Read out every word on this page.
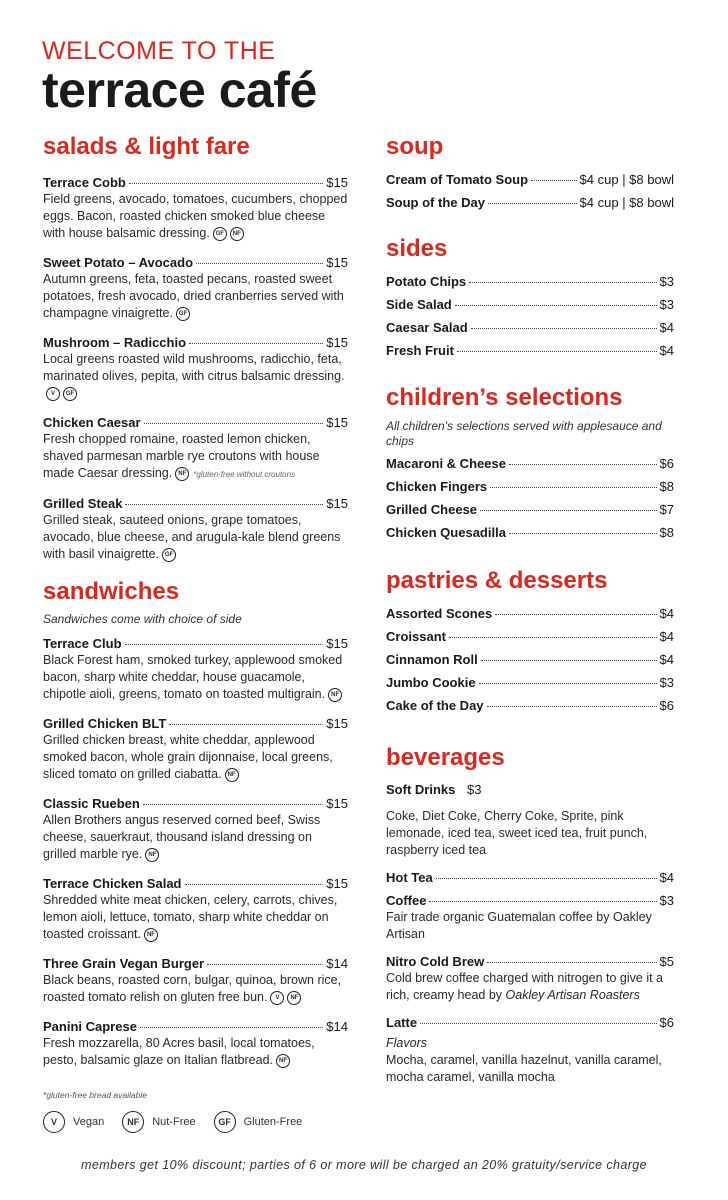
WELCOME TO THE
terrace café
salads & light fare
Terrace Cobb	$15
Field greens, avocado, tomatoes, cucumbers, chopped eggs. Bacon, roasted chicken smoked blue cheese with house balsamic dressing. GF NF
Sweet Potato – Avocado	$15
Autumn greens, feta, toasted pecans, roasted sweet potatoes, fresh avocado, dried cranberries served with champagne vinaigrette. GF
Mushroom – Radicchio	$15
Local greens roasted wild mushrooms, radicchio, feta, marinated olives, pepita, with citrus balsamic dressing.V GF
Chicken Caesar	$15
Fresh chopped romaine, roasted lemon chicken, shaved parmesan marble rye croutons with house made Caesar dressing. NF *gluten-free without croutons
Grilled Steak	$15
Grilled steak, sauteed onions, grape tomatoes, avocado, blue cheese, and arugula-kale blend greens with basil vinaigrette. GF
sandwiches
Sandwiches come with choice of side
Terrace Club	$15
Black Forest ham, smoked turkey, applewood smoked bacon, sharp white cheddar, house guacamole, chipotle aioli, greens, tomato on toasted multigrain. NF
Grilled Chicken BLT	$15
Grilled chicken breast, white cheddar, applewood smoked bacon, whole grain dijonnaise, local greens, sliced tomato on grilled ciabatta. NF
Classic Rueben	$15
Allen Brothers angus reserved corned beef, Swiss cheese, sauerkraut, thousand island dressing on grilled marble rye. NF
Terrace Chicken Salad	$15
Shredded white meat chicken, celery, carrots, chives, lemon aioli, lettuce, tomato, sharp white cheddar on toasted croissant. NF
Three Grain Vegan Burger	$14
Black beans, roasted corn, bulgar, quinoa, brown rice, roasted tomato relish on gluten free bun. V NF
Panini Caprese	$14
Fresh mozzarella, 80 Acres basil, local tomatoes, pesto, balsamic glaze on Italian flatbread. NF
*gluten-free bread available
V	Vegan	NF	Nut-Free	GF	Gluten-Free
soup
Cream of Tomato Soup	$4 cup | $8 bowl
Soup of the Day	$4 cup | $8 bowl
sides
Potato Chips	$3
Side Salad	$3
Caesar Salad	$4
Fresh Fruit	$4
children’s selections
All children's selections served with applesauce and chips
Macaroni & Cheese	$6
Chicken Fingers	$8
Grilled Cheese	$7
Chicken Quesadilla	$8
pastries & desserts
Assorted Scones	$4
Croissant	$4
Cinnamon Roll	$4
Jumbo Cookie	$3
Cake of the Day	$6
beverages
Soft Drinks $3
Coke, Diet Coke, Cherry Coke, Sprite, pink lemonade, iced tea, sweet iced tea, fruit punch, raspberry iced tea
Hot Tea	$4
Coffee	$3
Fair trade organic Guatemalan coffee by Oakley Artisan
Nitro Cold Brew	$5
Cold brew coffee charged with nitrogen to give it a rich, creamy head by Oakley Artisan Roasters
Latte	$6
Flavors
Mocha, caramel, vanilla hazelnut, vanilla caramel, mocha caramel, vanilla mocha
members get 10% discount; parties of 6 or more will be charged an 20% gratuity/service charge
